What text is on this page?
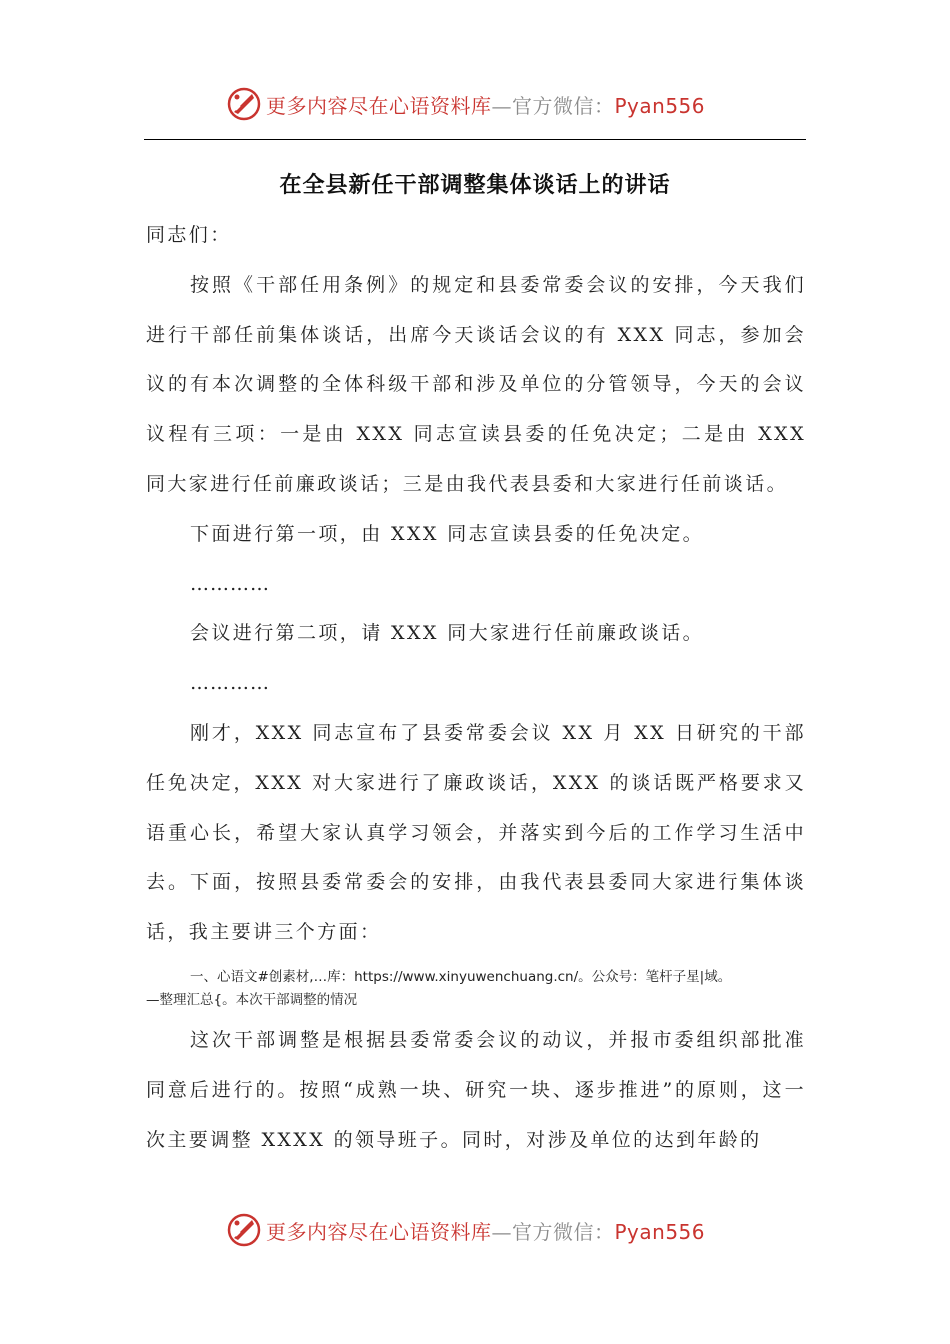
更多内容尽在心语资料库—官方微信：Pyan556
在全县新任干部调整集体谈话上的讲话

同志们：

按照《干部任用条例》的规定和县委常委会议的安排，今天我们进行干部任前集体谈话，出席今天谈话会议的有 XXX 同志，参加会议的有本次调整的全体科级干部和涉及单位的分管领导，今天的会议议程有三项：一是由 XXX 同志宣读县委的任免决定；二是由 XXX 同大家进行任前廉政谈话；三是由我代表县委和大家进行任前谈话。

下面进行第一项，由 XXX 同志宣读县委的任免决定。

…………

会议进行第二项，请 XXX 同大家进行任前廉政谈话。

…………

刚才，XXX 同志宣布了县委常委会议 XX 月 XX 日研究的干部任免决定，XXX 对大家进行了廉政谈话，XXX 的谈话既严格要求又语重心长，希望大家认真学习领会，并落实到今后的工作学习生活中去。下面，按照县委常委会的安排，由我代表县委同大家进行集体谈话，我主要讲三个方面：

一、心语文#创素材,…库：https://www.xinyuwenchuang.cn/。公众号：笔杆子星|域。
—整理汇总{。本次干部调整的情况

这次干部调整是根据县委常委会议的动议，并报市委组织部批准同意后进行的。按照“成熟一块、研究一块、逐步推进”的原则，这一次主要调整 XXXX 的领导班子。同时，对涉及单位的达到年龄的

更多内容尽在心语资料库—官方微信：Pyan556
